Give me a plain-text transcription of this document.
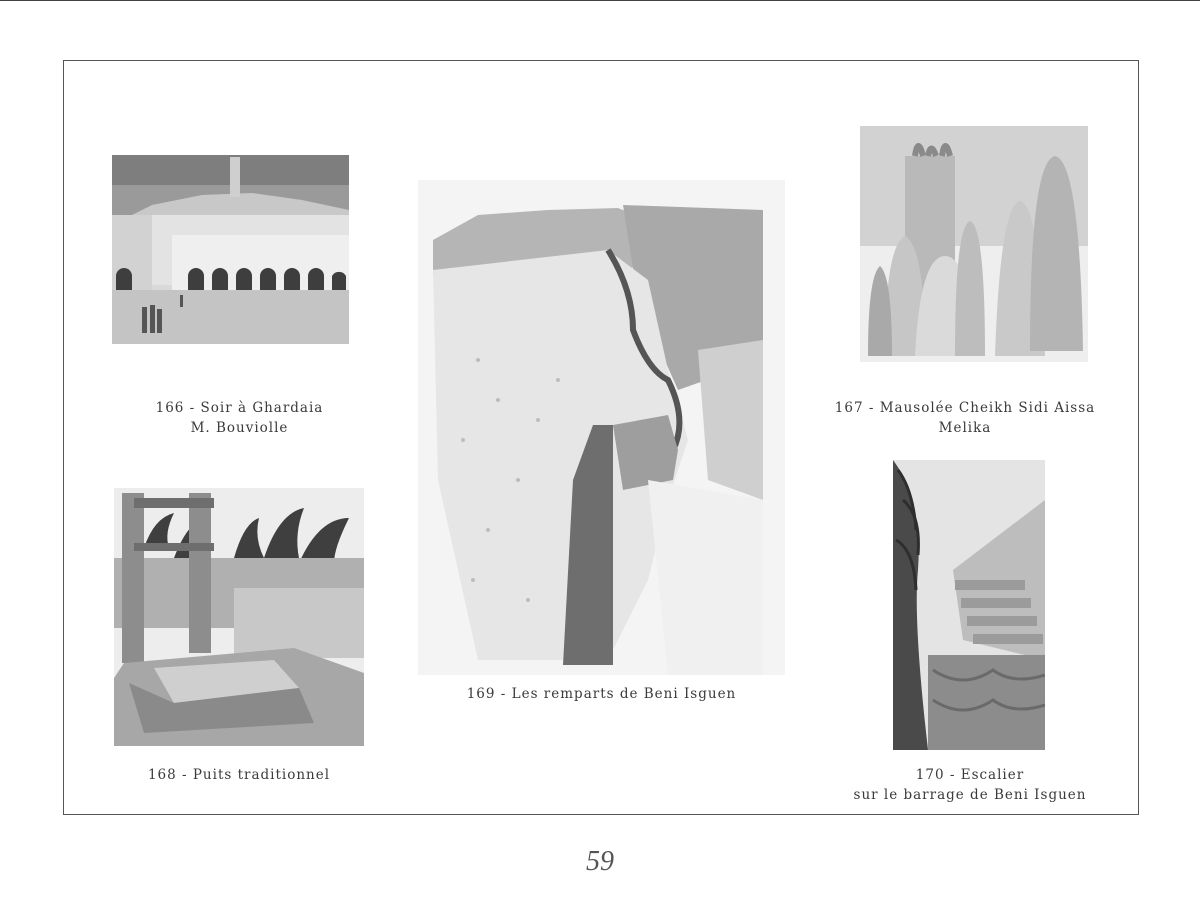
166 - Soir à Ghardaia
M. Bouviolle
169 - Les remparts de Beni Isguen
167 - Mausolée Cheikh Sidi Aissa
Melika
168 - Puits traditionnel	170 - Escalier
sur le barrage de Beni Isguen
59
